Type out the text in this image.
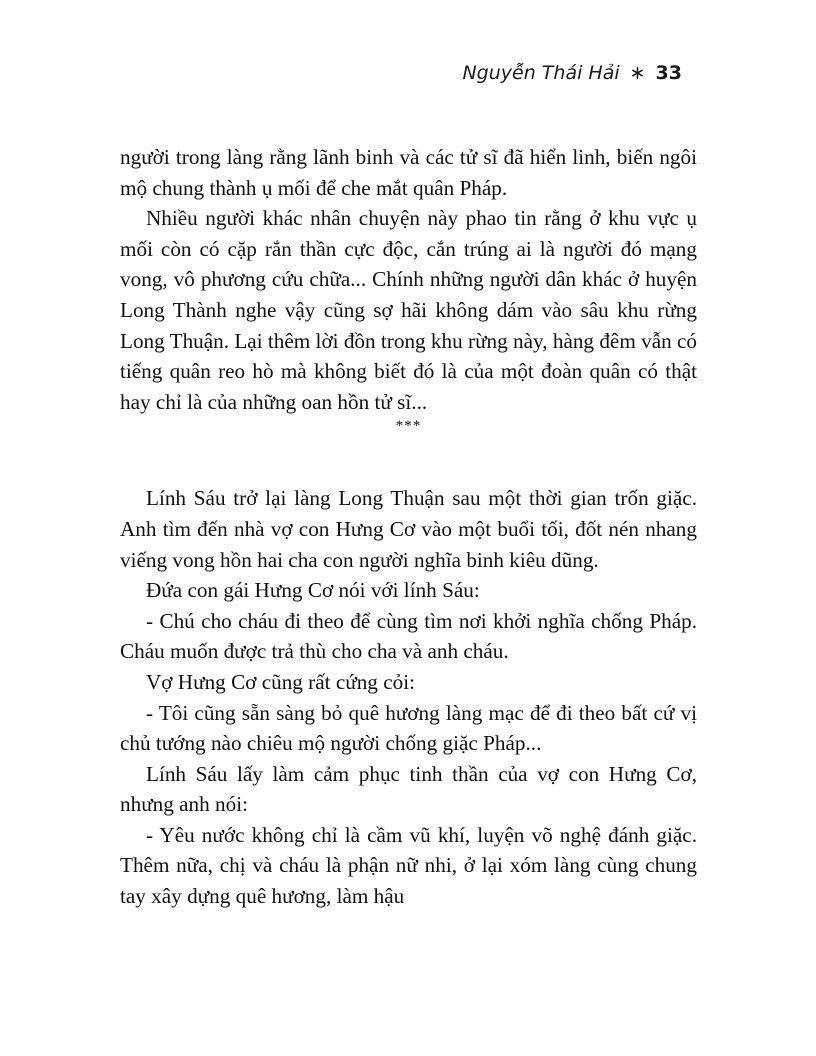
Nguyễn Thái Hải ∗ 33

người trong làng rằng lãnh binh và các tử sĩ đã hiển linh, biến ngôi mộ chung thành ụ mối để che mắt quân Pháp.

Nhiều người khác nhân chuyện này phao tin rằng ở khu vực ụ mối còn có cặp rắn thần cực độc, cắn trúng ai là người đó mạng vong, vô phương cứu chữa... Chính những người dân khác ở huyện Long Thành nghe vậy cũng sợ hãi không dám vào sâu khu rừng Long Thuận. Lại thêm lời đồn trong khu rừng này, hàng đêm vẫn có tiếng quân reo hò mà không biết đó là của một đoàn quân có thật hay chỉ là của những oan hồn tử sĩ...

***

Lính Sáu trở lại làng Long Thuận sau một thời gian trốn giặc. Anh tìm đến nhà vợ con Hưng Cơ vào một buổi tối, đốt nén nhang viếng vong hồn hai cha con người nghĩa binh kiêu dũng.

Đứa con gái Hưng Cơ nói với lính Sáu:

- Chú cho cháu đi theo để cùng tìm nơi khởi nghĩa chống Pháp. Cháu muốn được trả thù cho cha và anh cháu.

Vợ Hưng Cơ cũng rất cứng cỏi:

- Tôi cũng sẵn sàng bỏ quê hương làng mạc để đi theo bất cứ vị chủ tướng nào chiêu mộ người chống giặc Pháp...

Lính Sáu lấy làm cảm phục tinh thần của vợ con Hưng Cơ, nhưng anh nói:

- Yêu nước không chỉ là cầm vũ khí, luyện võ nghệ đánh giặc. Thêm nữa, chị và cháu là phận nữ nhi, ở lại xóm làng cùng chung tay xây dựng quê hương, làm hậu
